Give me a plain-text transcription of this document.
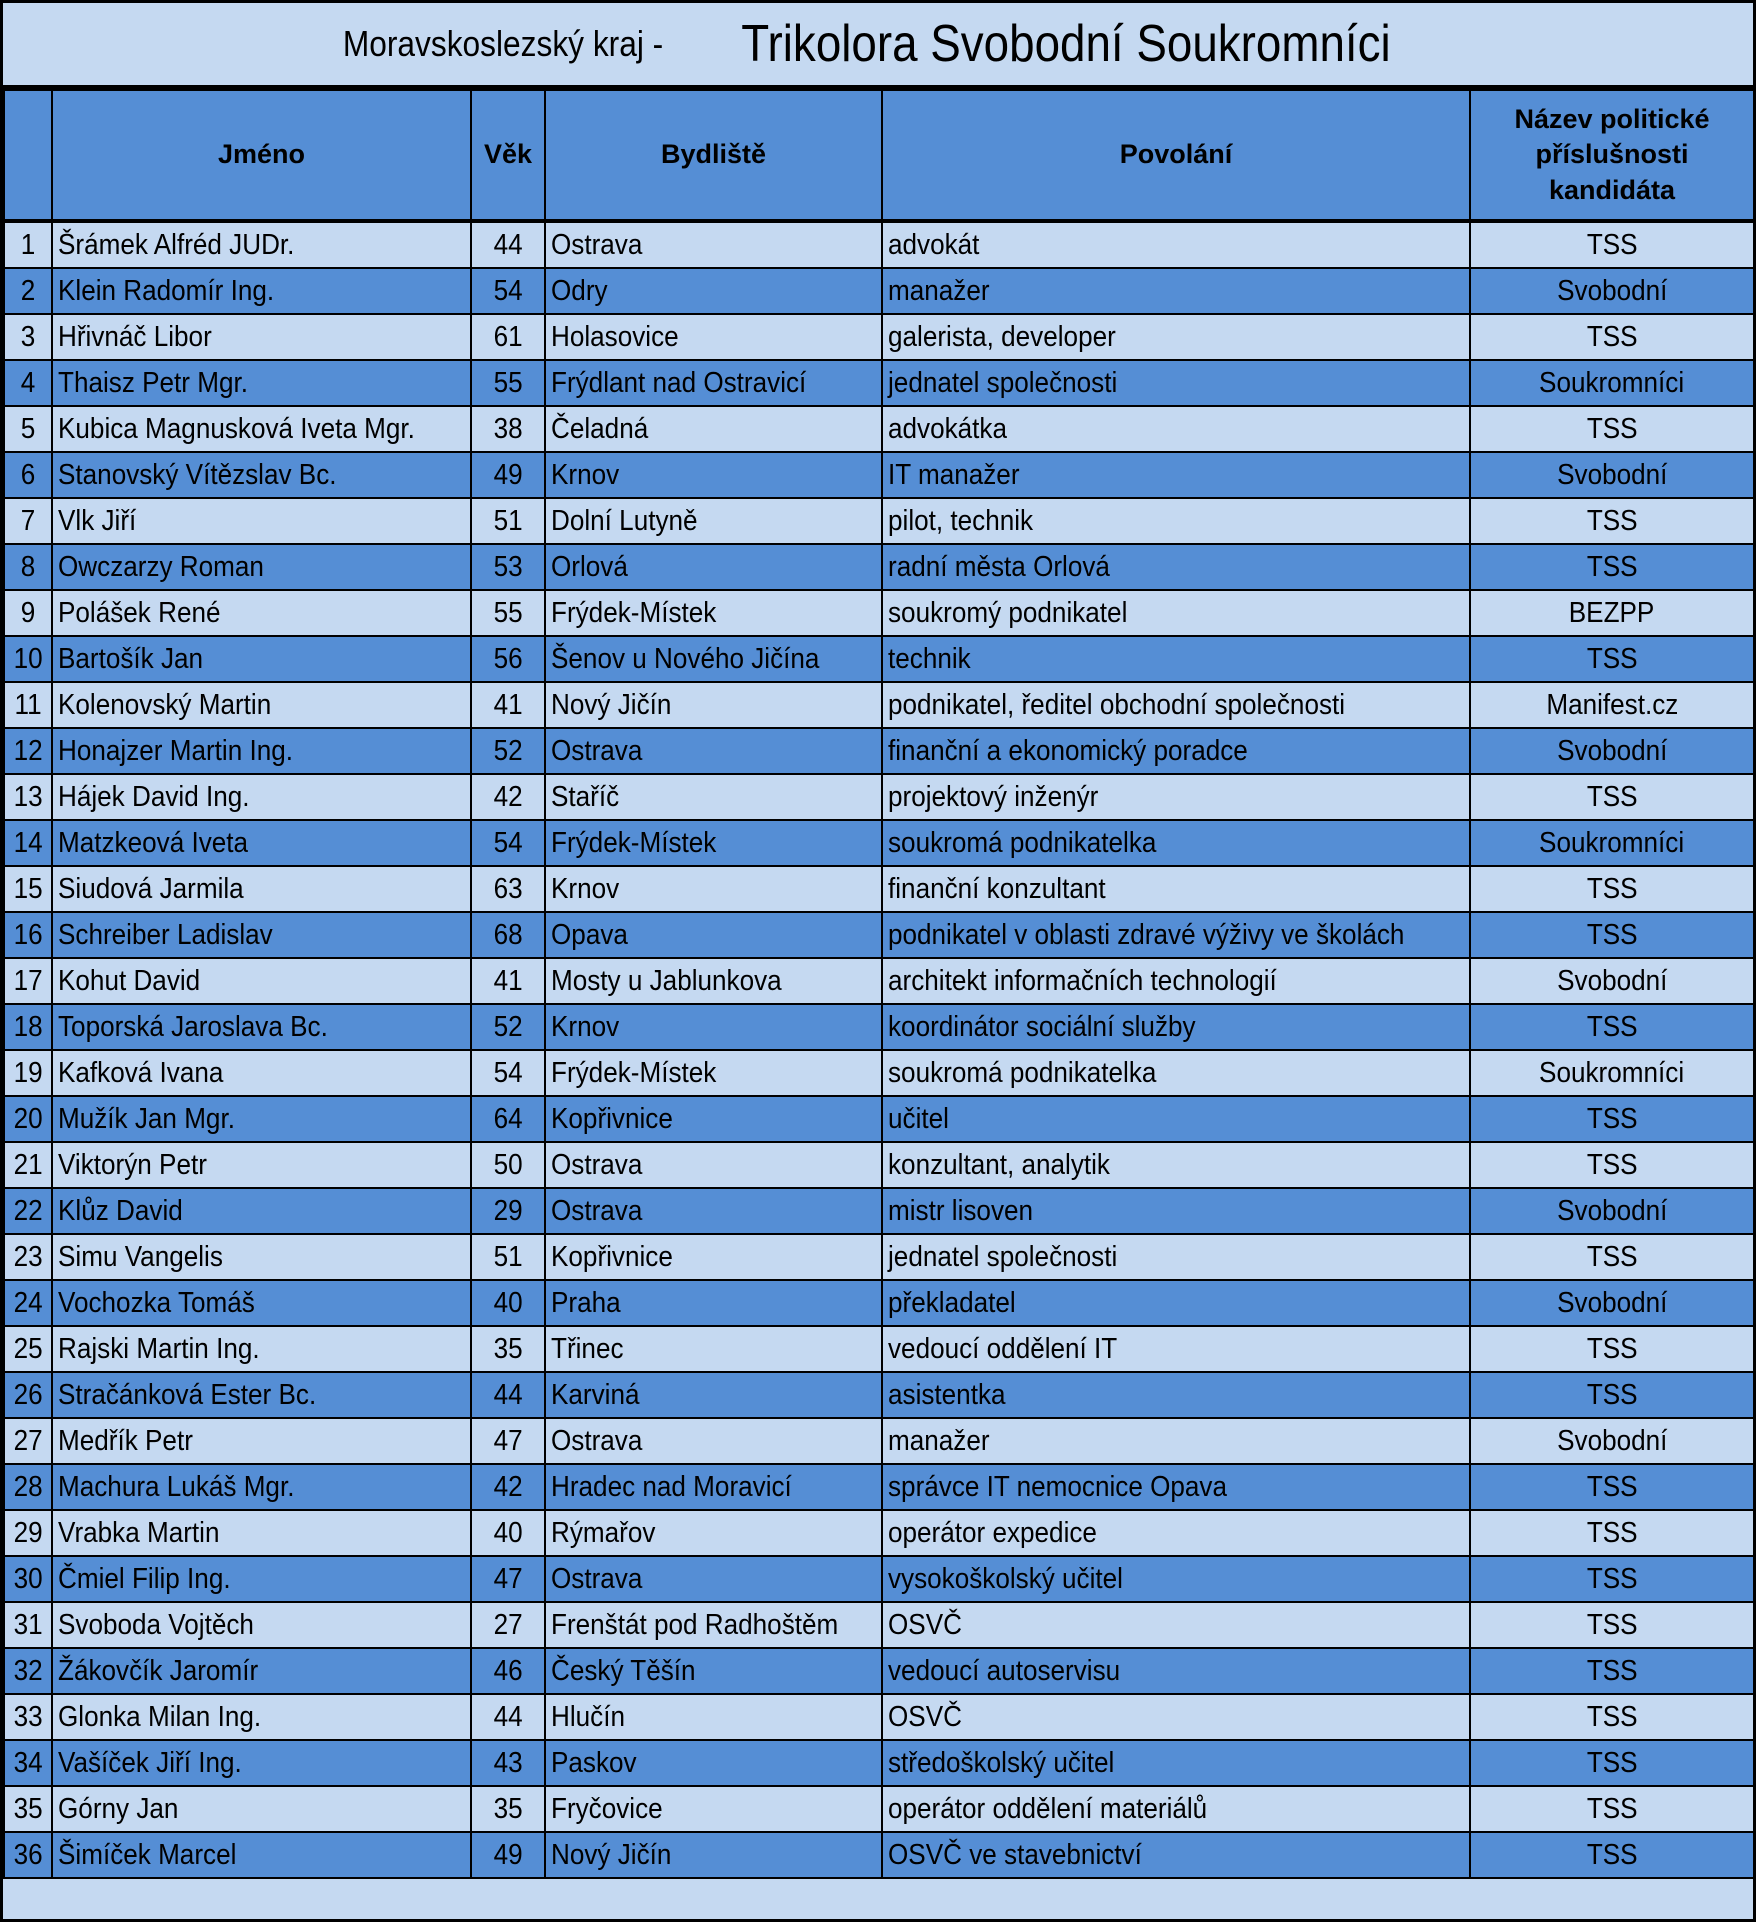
Moravskoslezský kraj - Trikolora Svobodní Soukromníci
	Jméno	Věk	Bydliště	Povolání	Název politické
příslušnosti
kandidáta
1	Šrámek Alfréd JUDr.	44	Ostrava	advokát	TSS
2	Klein Radomír Ing.	54	Odry	manažer	Svobodní
3	Hřivnáč Libor	61	Holasovice	galerista, developer	TSS
4	Thaisz Petr Mgr.	55	Frýdlant nad Ostravicí	jednatel společnosti	Soukromníci
5	Kubica Magnusková Iveta Mgr.	38	Čeladná	advokátka	TSS
6	Stanovský Vítězslav Bc.	49	Krnov	IT manažer	Svobodní
7	Vlk Jiří	51	Dolní Lutyně	pilot, technik	TSS
8	Owczarzy Roman	53	Orlová	radní města Orlová	TSS
9	Polášek René	55	Frýdek-Místek	soukromý podnikatel	BEZPP
10	Bartošík Jan	56	Šenov u Nového Jičína	technik	TSS
11	Kolenovský Martin	41	Nový Jičín	podnikatel, ředitel obchodní společnosti	Manifest.cz
12	Honajzer Martin Ing.	52	Ostrava	finanční a ekonomický poradce	Svobodní
13	Hájek David Ing.	42	Staříč	projektový inženýr	TSS
14	Matzkeová Iveta	54	Frýdek-Místek	soukromá podnikatelka	Soukromníci
15	Siudová Jarmila	63	Krnov	finanční konzultant	TSS
16	Schreiber Ladislav	68	Opava	podnikatel v oblasti zdravé výživy ve školách	TSS
17	Kohut David	41	Mosty u Jablunkova	architekt informačních technologií	Svobodní
18	Toporská Jaroslava Bc.	52	Krnov	koordinátor sociální služby	TSS
19	Kafková Ivana	54	Frýdek-Místek	soukromá podnikatelka	Soukromníci
20	Mužík Jan Mgr.	64	Kopřivnice	učitel	TSS
21	Viktorýn Petr	50	Ostrava	konzultant, analytik	TSS
22	Klůz David	29	Ostrava	mistr lisoven	Svobodní
23	Simu Vangelis	51	Kopřivnice	jednatel společnosti	TSS
24	Vochozka Tomáš	40	Praha	překladatel	Svobodní
25	Rajski Martin Ing.	35	Třinec	vedoucí oddělení IT	TSS
26	Stračánková Ester Bc.	44	Karviná	asistentka	TSS
27	Medřík Petr	47	Ostrava	manažer	Svobodní
28	Machura Lukáš Mgr.	42	Hradec nad Moravicí	správce IT nemocnice Opava	TSS
29	Vrabka Martin	40	Rýmařov	operátor expedice	TSS
30	Čmiel Filip Ing.	47	Ostrava	vysokoškolský učitel	TSS
31	Svoboda Vojtěch	27	Frenštát pod Radhoštěm	OSVČ	TSS
32	Žákovčík Jaromír	46	Český Těšín	vedoucí autoservisu	TSS
33	Glonka Milan Ing.	44	Hlučín	OSVČ	TSS
34	Vašíček Jiří Ing.	43	Paskov	středoškolský učitel	TSS
35	Górny Jan	35	Fryčovice	operátor oddělení materiálů	TSS
36	Šimíček Marcel	49	Nový Jičín	OSVČ ve stavebnictví	TSS
